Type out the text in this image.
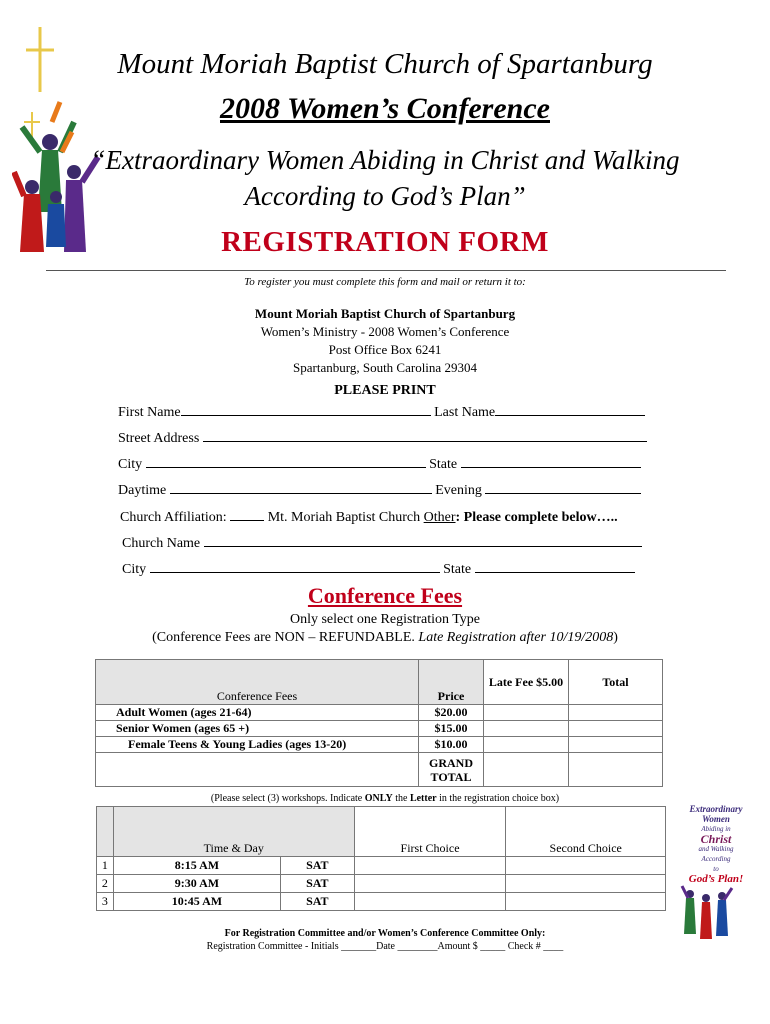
Mount Moriah Baptist Church of Spartanburg
2008 Women’s Conference
“Extraordinary Women Abiding in Christ and Walking
According to God’s Plan”
REGISTRATION FORM
To register you must complete this form and mail or return it to:
Mount Moriah Baptist Church of Spartanburg
Women’s Ministry - 2008 Women’s Conference
Post Office Box 6241
Spartanburg, South Carolina 29304
PLEASE PRINT
First Name	Last Name
Street Address
City	State
Daytime	Evening
Church Affiliation:	Mt. Moriah Baptist Church Other: Please complete below…..
Church Name
City	State
Conference Fees
Only select one Registration Type
(Conference Fees are NON – REFUNDABLE. Late Registration after 10/19/2008)
Conference Fees	Price	Late Fee $5.00	Total
Adult Women (ages 21-64)	$20.00		
Senior Women (ages 65 +)	$15.00		
Female Teens & Young Ladies (ages 13-20)	$10.00		
	GRAND TOTAL		
(Please select (3) workshops. Indicate ONLY the Letter in the registration choice box)
	Time & Day		First Choice	Second Choice
1	8:15 AM	SAT		
2	9:30 AM	SAT		
3	10:45 AM	SAT		
Extraordinary Women
Abiding in
Christ
and Walking
According
to
God’s Plan!
For Registration Committee and/or Women’s Conference Committee Only:
Registration Committee - Initials _______Date ________Amount $ _____ Check # ____
